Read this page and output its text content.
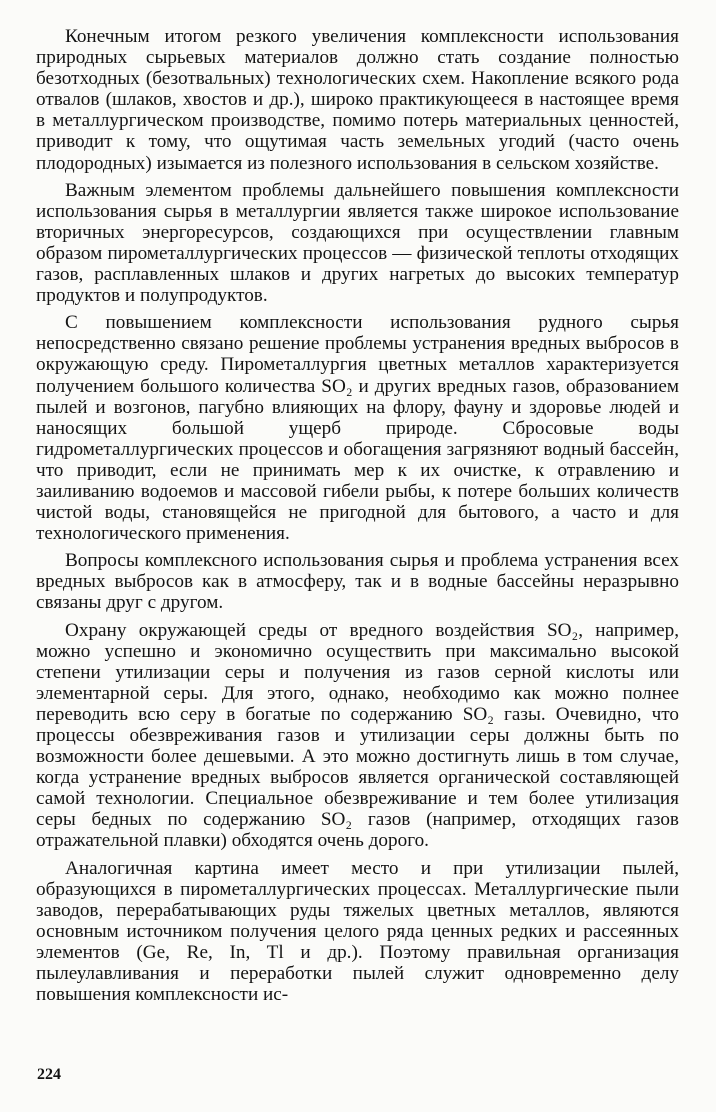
Конечным итогом резкого увеличения комплексности использования природных сырьевых материалов должно стать создание полностью безотходных (безотвальных) технологических схем. Накопление всякого рода отвалов (шлаков, хвостов и др.), широко практикующееся в настоящее время в металлургическом производстве, помимо потерь материальных ценностей, приводит к тому, что ощутимая часть земельных угодий (часто очень плодородных) изымается из полезного использования в сельском хозяйстве.

Важным элементом проблемы дальнейшего повышения комплексности использования сырья в металлургии является также широкое использование вторичных энергоресурсов, создающихся при осуществлении главным образом пирометаллургических процессов — физической теплоты отходящих газов, расплавленных шлаков и других нагретых до высоких температур продуктов и полупродуктов.

С повышением комплексности использования рудного сырья непосредственно связано решение проблемы устранения вредных выбросов в окружающую среду. Пирометаллургия цветных металлов характеризуется получением большого количества SO₂ и других вредных газов, образованием пылей и возгонов, пагубно влияющих на флору, фауну и здоровье людей и наносящих большой ущерб природе. Сбросовые воды гидрометаллургических процессов и обогащения загрязняют водный бассейн, что приводит, если не принимать мер к их очистке, к отравлению и заиливанию водоемов и массовой гибели рыбы, к потере больших количеств чистой воды, становящейся не пригодной для бытового, а часто и для технологического применения.

Вопросы комплексного использования сырья и проблема устранения всех вредных выбросов как в атмосферу, так и в водные бассейны неразрывно связаны друг с другом.

Охрану окружающей среды от вредного воздействия SO₂, например, можно успешно и экономично осуществить при максимально высокой степени утилизации серы и получения из газов серной кислоты или элементарной серы. Для этого, однако, необходимо как можно полнее переводить всю серу в богатые по содержанию SO₂ газы. Очевидно, что процессы обезвреживания газов и утилизации серы должны быть по возможности более дешевыми. А это можно достигнуть лишь в том случае, когда устранение вредных выбросов является органической составляющей самой технологии. Специальное обезвреживание и тем более утилизация серы бедных по содержанию SO₂ газов (например, отходящих газов отражательной плавки) обходятся очень дорого.

Аналогичная картина имеет место и при утилизации пылей, образующихся в пирометаллургических процессах. Металлургические пыли заводов, перерабатывающих руды тяжелых цветных металлов, являются основным источником получения целого ряда ценных редких и рассеянных элементов (Ge, Re, In, Tl и др.). Поэтому правильная организация пылеулавливания и переработки пылей служит одновременно делу повышения комплексности ис-

224
